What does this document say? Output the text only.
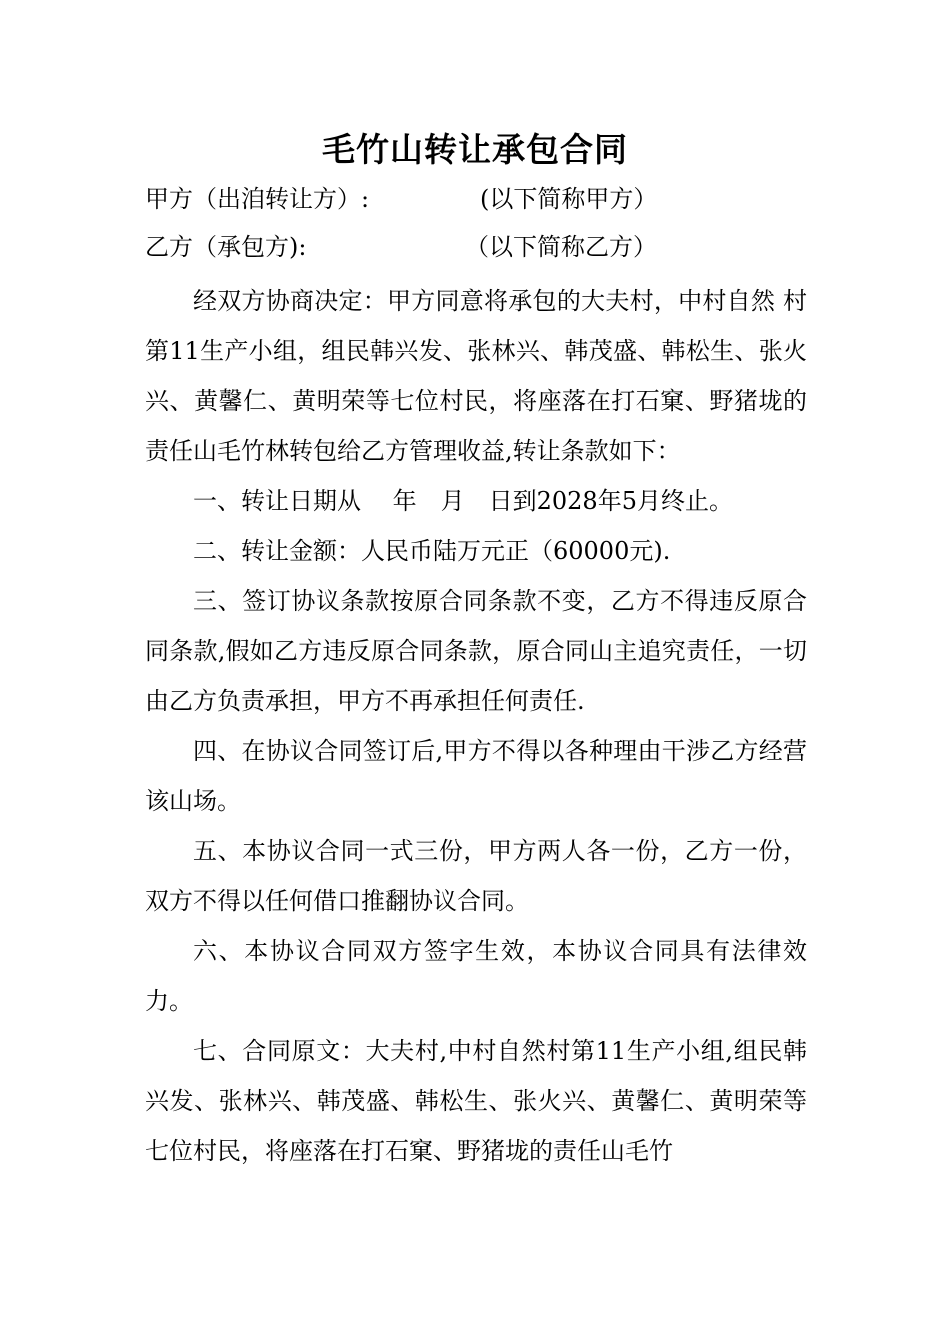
毛竹山转让承包合同
甲方（出洎转让方）:	(以下简称甲方）
乙方（承包方):	（以下简称乙方）

经双方协商决定：甲方同意将承包的大夫村，中村自然 村第11生产小组，组民韩兴发、张林兴、韩茂盛、韩松生、张火兴、黄馨仁、黄明荣等七位村民，将座落在打石窠、野猪垅的责任山毛竹林转包给乙方管理收益,转让条款如下：

一、转让日期从　 年　月　日到2028年5月终止。

二、转让金额：人民币陆万元正（60000元).

三、签订协议条款按原合同条款不变，乙方不得违反原合同条款,假如乙方违反原合同条款，原合同山主追究责任，一切由乙方负责承担，甲方不再承担任何责任.

四、在协议合同签订后,甲方不得以各种理由干涉乙方经营该山场。

五、本协议合同一式三份，甲方两人各一份，乙方一份，双方不得以任何借口推翻协议合同。

六、本协议合同双方签字生效，本协议合同具有法律效力。

七、合同原文：大夫村,中村自然村第11生产小组,组民韩兴发、张林兴、韩茂盛、韩松生、张火兴、黄馨仁、黄明荣等七位村民，将座落在打石窠、野猪垅的责任山毛竹
